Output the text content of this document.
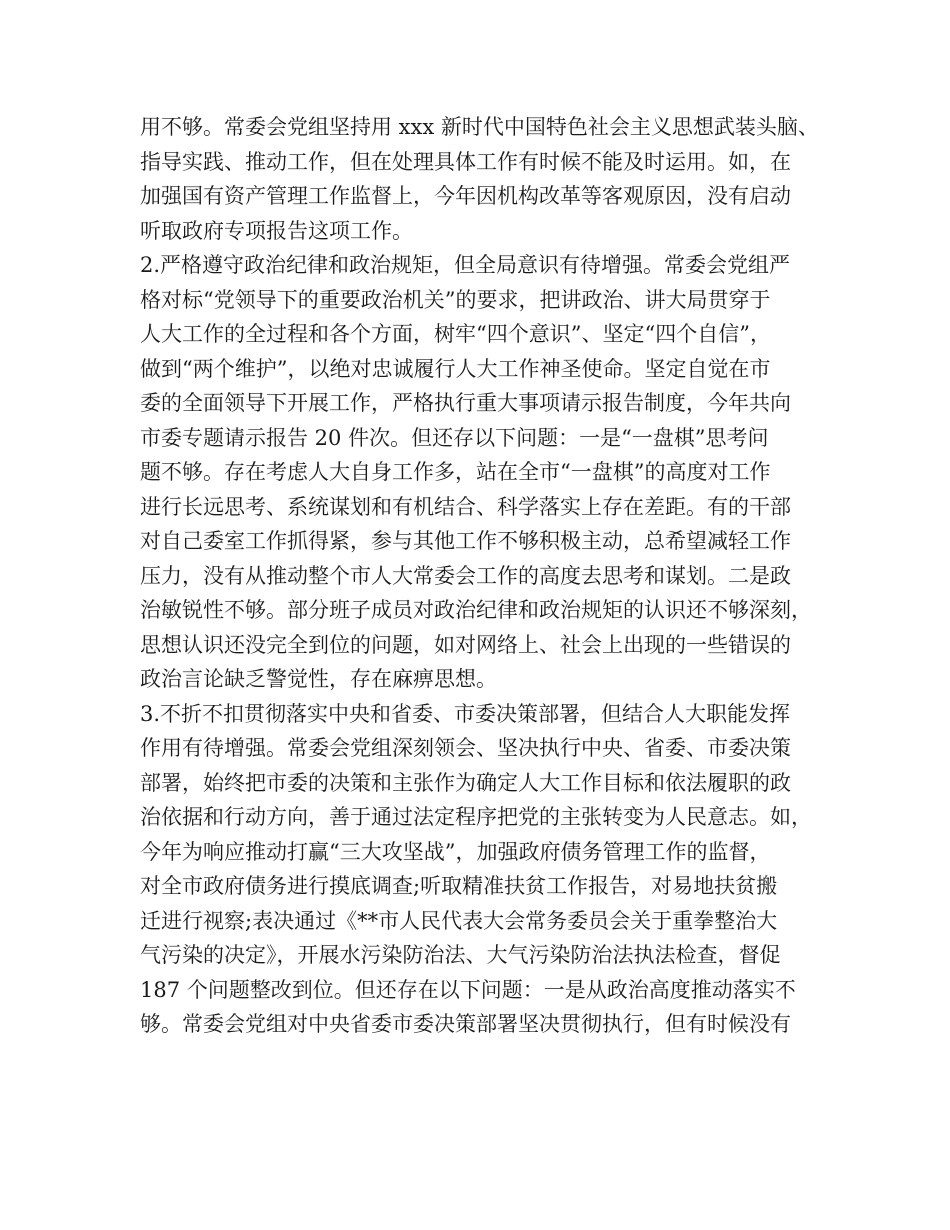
用不够。常委会党组坚持用 xxx 新时代中国特色社会主义思想武装头脑、
指导实践、推动工作，但在处理具体工作有时候不能及时运用。如，在
加强国有资产管理工作监督上，今年因机构改革等客观原因，没有启动
听取政府专项报告这项工作。
2.严格遵守政治纪律和政治规矩，但全局意识有待增强。常委会党组严
格对标“党领导下的重要政治机关”的要求，把讲政治、讲大局贯穿于
人大工作的全过程和各个方面，树牢“四个意识”、坚定“四个自信”，
做到“两个维护”，以绝对忠诚履行人大工作神圣使命。坚定自觉在市
委的全面领导下开展工作，严格执行重大事项请示报告制度，今年共向
市委专题请示报告 20 件次。但还存以下问题：一是“一盘棋”思考问
题不够。存在考虑人大自身工作多，站在全市“一盘棋”的高度对工作
进行长远思考、系统谋划和有机结合、科学落实上存在差距。有的干部
对自己委室工作抓得紧，参与其他工作不够积极主动，总希望减轻工作
压力，没有从推动整个市人大常委会工作的高度去思考和谋划。二是政
治敏锐性不够。部分班子成员对政治纪律和政治规矩的认识还不够深刻，
思想认识还没完全到位的问题，如对网络上、社会上出现的一些错误的
政治言论缺乏警觉性，存在麻痹思想。
3.不折不扣贯彻落实中央和省委、市委决策部署，但结合人大职能发挥
作用有待增强。常委会党组深刻领会、坚决执行中央、省委、市委决策
部署，始终把市委的决策和主张作为确定人大工作目标和依法履职的政
治依据和行动方向，善于通过法定程序把党的主张转变为人民意志。如，
今年为响应推动打赢“三大攻坚战”，加强政府债务管理工作的监督，
对全市政府债务进行摸底调查;听取精准扶贫工作报告，对易地扶贫搬
迁进行视察;表决通过《**市人民代表大会常务委员会关于重拳整治大
气污染的决定》，开展水污染防治法、大气污染防治法执法检查，督促
187 个问题整改到位。但还存在以下问题：一是从政治高度推动落实不
够。常委会党组对中央省委市委决策部署坚决贯彻执行，但有时候没有
